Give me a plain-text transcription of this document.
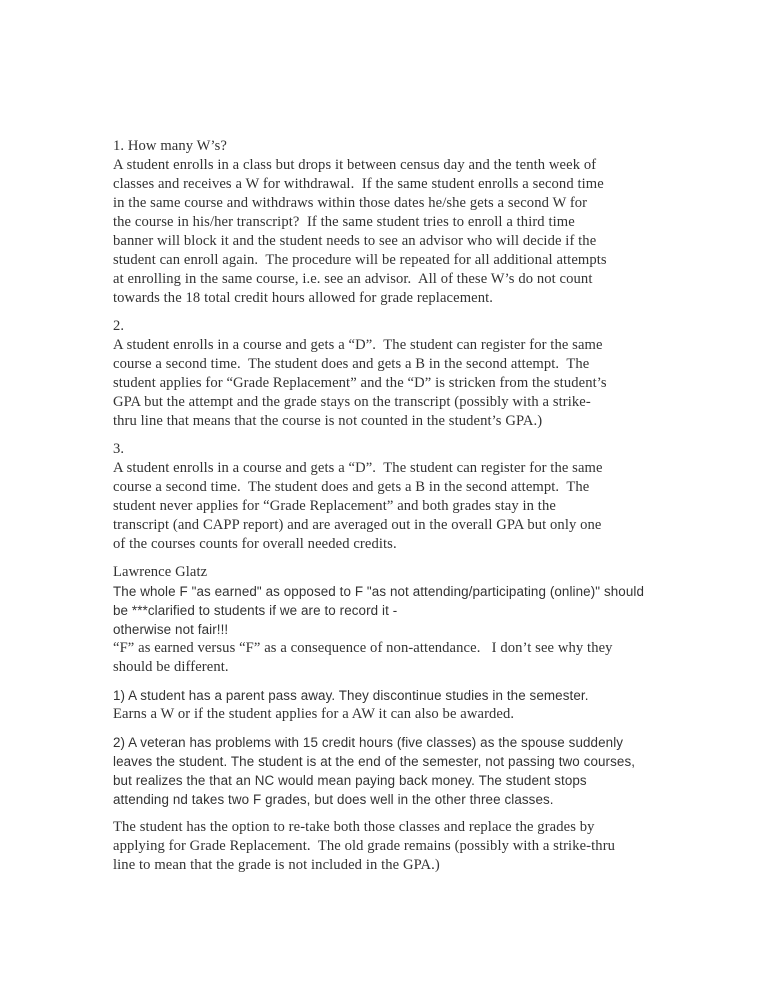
1. How many W’s?
A student enrolls in a class but drops it between census day and the tenth week of
classes and receives a W for withdrawal.  If the same student enrolls a second time
in the same course and withdraws within those dates he/she gets a second W for
the course in his/her transcript?  If the same student tries to enroll a third time
banner will block it and the student needs to see an advisor who will decide if the
student can enroll again.  The procedure will be repeated for all additional attempts
at enrolling in the same course, i.e. see an advisor.  All of these W’s do not count
towards the 18 total credit hours allowed for grade replacement.
2.
A student enrolls in a course and gets a “D”.  The student can register for the same
course a second time.  The student does and gets a B in the second attempt.  The
student applies for “Grade Replacement” and the “D” is stricken from the student’s
GPA but the attempt and the grade stays on the transcript (possibly with a strike-
thru line that means that the course is not counted in the student’s GPA.)
3.
A student enrolls in a course and gets a “D”.  The student can register for the same
course a second time.  The student does and gets a B in the second attempt.  The
student never applies for “Grade Replacement” and both grades stay in the
transcript (and CAPP report) and are averaged out in the overall GPA but only one
of the courses counts for overall needed credits.
Lawrence Glatz
The whole F "as earned" as opposed to F "as not attending/participating (online)" should
be ***clarified to students if we are to record it -
otherwise not fair!!!
“F” as earned versus “F” as a consequence of non-attendance.   I don’t see why they
should be different.
1) A student has a parent pass away. They discontinue studies in the semester.
Earns a W or if the student applies for a AW it can also be awarded.
2) A veteran has problems with 15 credit hours (five classes) as the spouse suddenly
leaves the student. The student is at the end of the semester, not passing two courses,
but realizes the that an NC would mean paying back money. The student stops
attending nd takes two F grades, but does well in the other three classes.
The student has the option to re-take both those classes and replace the grades by
applying for Grade Replacement.  The old grade remains (possibly with a strike-thru
line to mean that the grade is not included in the GPA.)
